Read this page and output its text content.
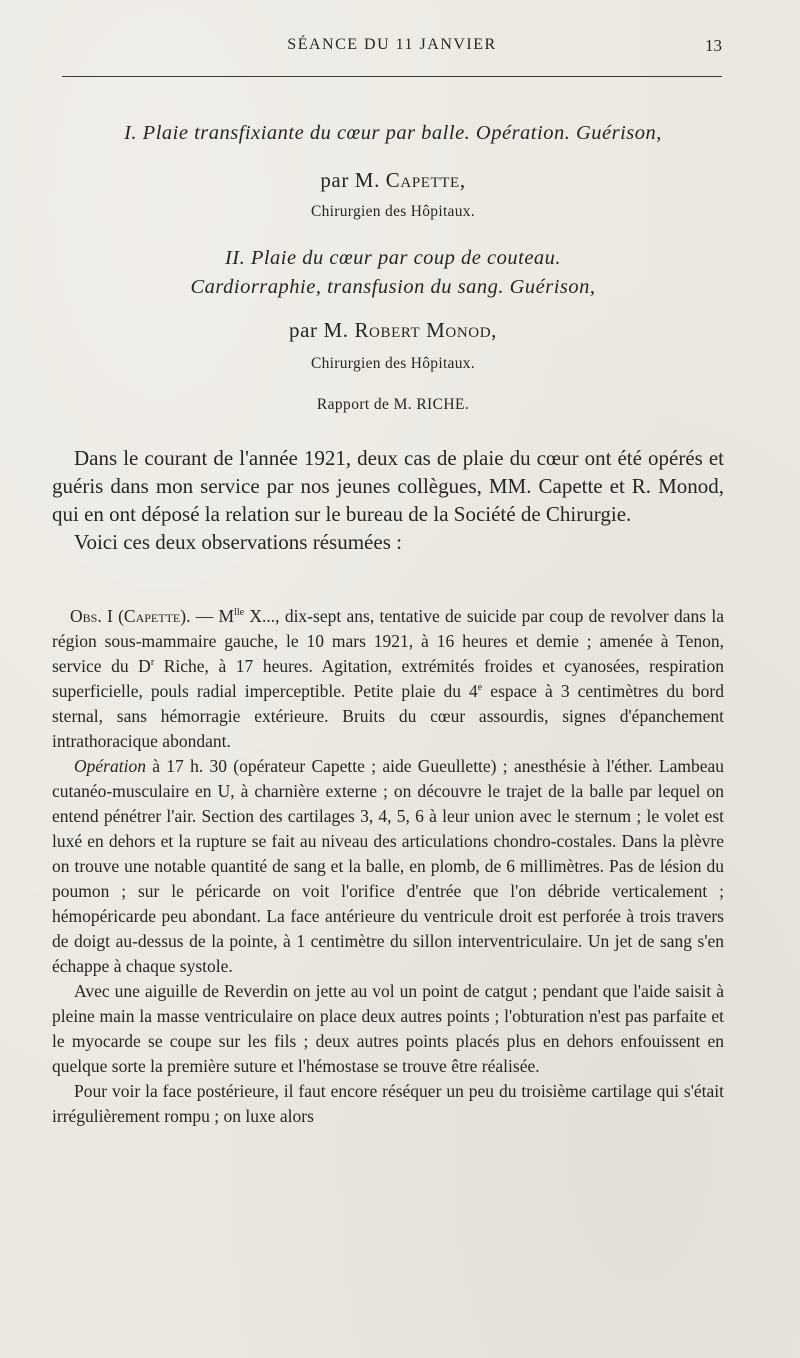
SÉANCE DU 11 JANVIER	13
I. Plaie transfixiante du cœur par balle. Opération. Guérison,
par M. Capette,
Chirurgien des Hôpitaux.
II. Plaie du cœur par coup de couteau.
Cardiorraphie, transfusion du sang. Guérison,
par M. Robert Monod,
Chirurgien des Hôpitaux.
Rapport de M. RICHE.

Dans le courant de l'année 1921, deux cas de plaie du cœur ont été opérés et guéris dans mon service par nos jeunes collègues, MM. Capette et R. Monod, qui en ont déposé la relation sur le bureau de la Société de Chirurgie.

Voici ces deux observations résumées :

Obs. I (Capette). — $M^{lle}$ X..., dix-sept ans, tentative de suicide par coup de revolver dans la région sous-mammaire gauche, le 10 mars 1921, à 16 heures et demie ; amenée à Tenon, service du $D^r$ Riche, à 17 heures. Agitation, extrémités froides et cyanosées, respiration superficielle, pouls radial imperceptible. Petite plaie du 4e espace à 3 centimètres du bord sternal, sans hémorragie extérieure. Bruits du cœur assourdis, signes d'épanchement intrathoracique abondant.

Opération à 17 h. 30 (opérateur Capette ; aide Gueullette) ; anesthésie à l'éther. Lambeau cutanéo-musculaire en U, à charnière externe ; on découvre le trajet de la balle par lequel on entend pénétrer l'air. Section des cartilages 3, 4, 5, 6 à leur union avec le sternum ; le volet est luxé en dehors et la rupture se fait au niveau des articulations chondro-costales. Dans la plèvre on trouve une notable quantité de sang et la balle, en plomb, de 6 millimètres. Pas de lésion du poumon ; sur le péricarde on voit l'orifice d'entrée que l'on débride verticalement ; hémopéricarde peu abondant. La face antérieure du ventricule droit est perforée à trois travers de doigt au-dessus de la pointe, à 1 centimètre du sillon interventriculaire. Un jet de sang s'en échappe à chaque systole.

Avec une aiguille de Reverdin on jette au vol un point de catgut ; pendant que l'aide saisit à pleine main la masse ventriculaire on place deux autres points ; l'obturation n'est pas parfaite et le myocarde se coupe sur les fils ; deux autres points placés plus en dehors enfouissent en quelque sorte la première suture et l'hémostase se trouve être réalisée.

Pour voir la face postérieure, il faut encore réséquer un peu du troisième cartilage qui s'était irrégulièrement rompu ; on luxe alors
